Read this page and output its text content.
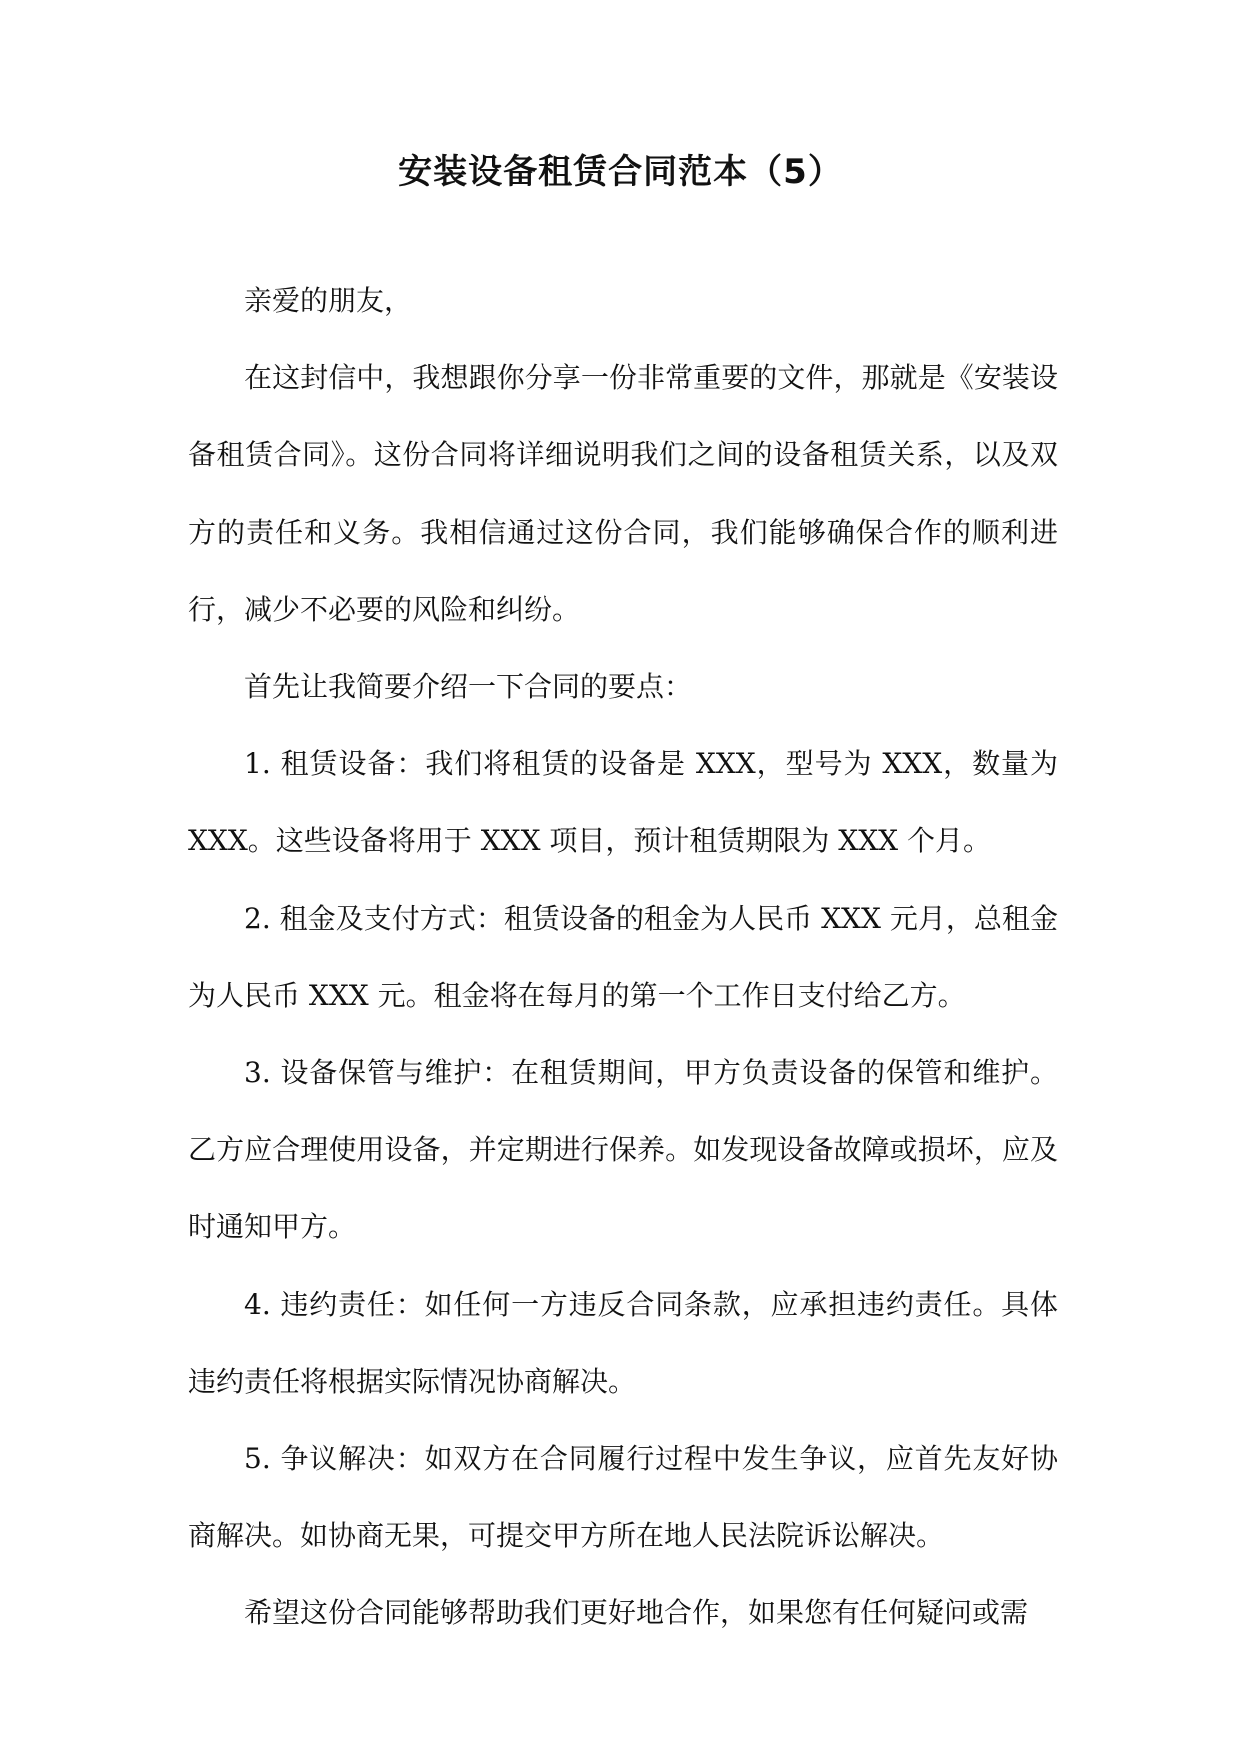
安装设备租赁合同范本（5）

亲爱的朋友，

在这封信中，我想跟你分享一份非常重要的文件，那就是《安装设备租赁合同》。这份合同将详细说明我们之间的设备租赁关系，以及双方的责任和义务。我相信通过这份合同，我们能够确保合作的顺利进行，减少不必要的风险和纠纷。

首先让我简要介绍一下合同的要点：

1. 租赁设备：我们将租赁的设备是 XXX，型号为 XXX，数量为 XXX。这些设备将用于 XXX 项目，预计租赁期限为 XXX 个月。

2. 租金及支付方式：租赁设备的租金为人民币 XXX 元月，总租金为人民币 XXX 元。租金将在每月的第一个工作日支付给乙方。

3. 设备保管与维护：在租赁期间，甲方负责设备的保管和维护。乙方应合理使用设备，并定期进行保养。如发现设备故障或损坏，应及时通知甲方。

4. 违约责任：如任何一方违反合同条款，应承担违约责任。具体违约责任将根据实际情况协商解决。

5. 争议解决：如双方在合同履行过程中发生争议，应首先友好协商解决。如协商无果，可提交甲方所在地人民法院诉讼解决。

希望这份合同能够帮助我们更好地合作，如果您有任何疑问或需
